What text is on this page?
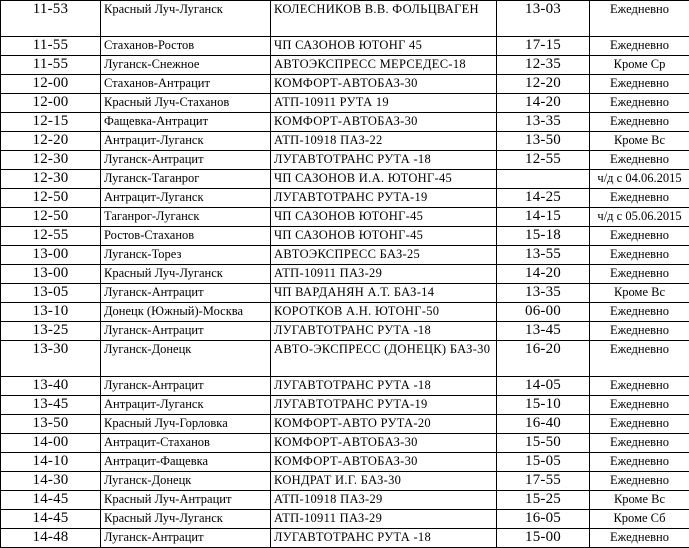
11-53	Красный Луч-Луганск	КОЛЕСНИКОВ В.В. ФОЛЬЦВАГЕН	13-03	Ежедневно
11-55	Стаханов-Ростов	ЧП САЗОНОВ ЮТОНГ 45	17-15	Ежедневно
11-55	Луганск-Снежное	АВТОЭКСПРЕСС МЕРСЕДЕС-18	12-35	Кроме Ср
12-00	Стаханов-Антрацит	КОМФОРТ-АВТОБАЗ-30	12-20	Ежедневно
12-00	Красный Луч-Стаханов	АТП-10911 РУТА 19	14-20	Ежедневно
12-15	Фащевка-Антрацит	КОМФОРТ-АВТОБАЗ-30	13-35	Ежедневно
12-20	Антрацит-Луганск	АТП-10918 ПАЗ-22	13-50	Кроме Вс
12-30	Луганск-Антрацит	ЛУГАВТОТРАНС РУТА -18	12-55	Ежедневно
12-30	Луганск-Таганрог	ЧП САЗОНОВ И.А. ЮТОНГ-45		ч/д с 04.06.2015
12-50	Антрацит-Луганск	ЛУГАВТОТРАНС РУТА-19	14-25	Ежедневно
12-50	Таганрог-Луганск	ЧП САЗОНОВ ЮТОНГ-45	14-15	ч/д с 05.06.2015
12-55	Ростов-Стаханов	ЧП САЗОНОВ ЮТОНГ-45	15-18	Ежедневно
13-00	Луганск-Торез	АВТОЭКСПРЕСС БАЗ-25	13-55	Ежедневно
13-00	Красный Луч-Луганск	АТП-10911 ПАЗ-29	14-20	Ежедневно
13-05	Луганск-Антрацит	ЧП ВАРДАНЯН А.Т. БАЗ-14	13-35	Кроме Вс
13-10	Донецк (Южный)-Москва	КОРОТКОВ А.Н. ЮТОНГ-50	06-00	Ежедневно
13-25	Луганск-Антрацит	ЛУГАВТОТРАНС РУТА -18	13-45	Ежедневно
13-30	Луганск-Донецк	АВТО-ЭКСПРЕСС (ДОНЕЦК) БАЗ-30	16-20	Ежедневно
13-40	Луганск-Антрацит	ЛУГАВТОТРАНС РУТА -18	14-05	Ежедневно
13-45	Антрацит-Луганск	ЛУГАВТОТРАНС РУТА-19	15-10	Ежедневно
13-50	Красный Луч-Горловка	КОМФОРТ-АВТО РУТА-20	16-40	Ежедневно
14-00	Антрацит-Стаханов	КОМФОРТ-АВТОБАЗ-30	15-50	Ежедневно
14-10	Антрацит-Фащевка	КОМФОРТ-АВТОБАЗ-30	15-05	Ежедневно
14-30	Луганск-Донецк	КОНДРАТ И.Г. БАЗ-30	17-55	Ежедневно
14-45	Красный Луч-Антрацит	АТП-10918 ПАЗ-29	15-25	Кроме Вс
14-45	Красный Луч-Луганск	АТП-10911 ПАЗ-29	16-05	Кроме Сб
14-48	Луганск-Антрацит	ЛУГАВТОТРАНС РУТА -18	15-00	Ежедневно
